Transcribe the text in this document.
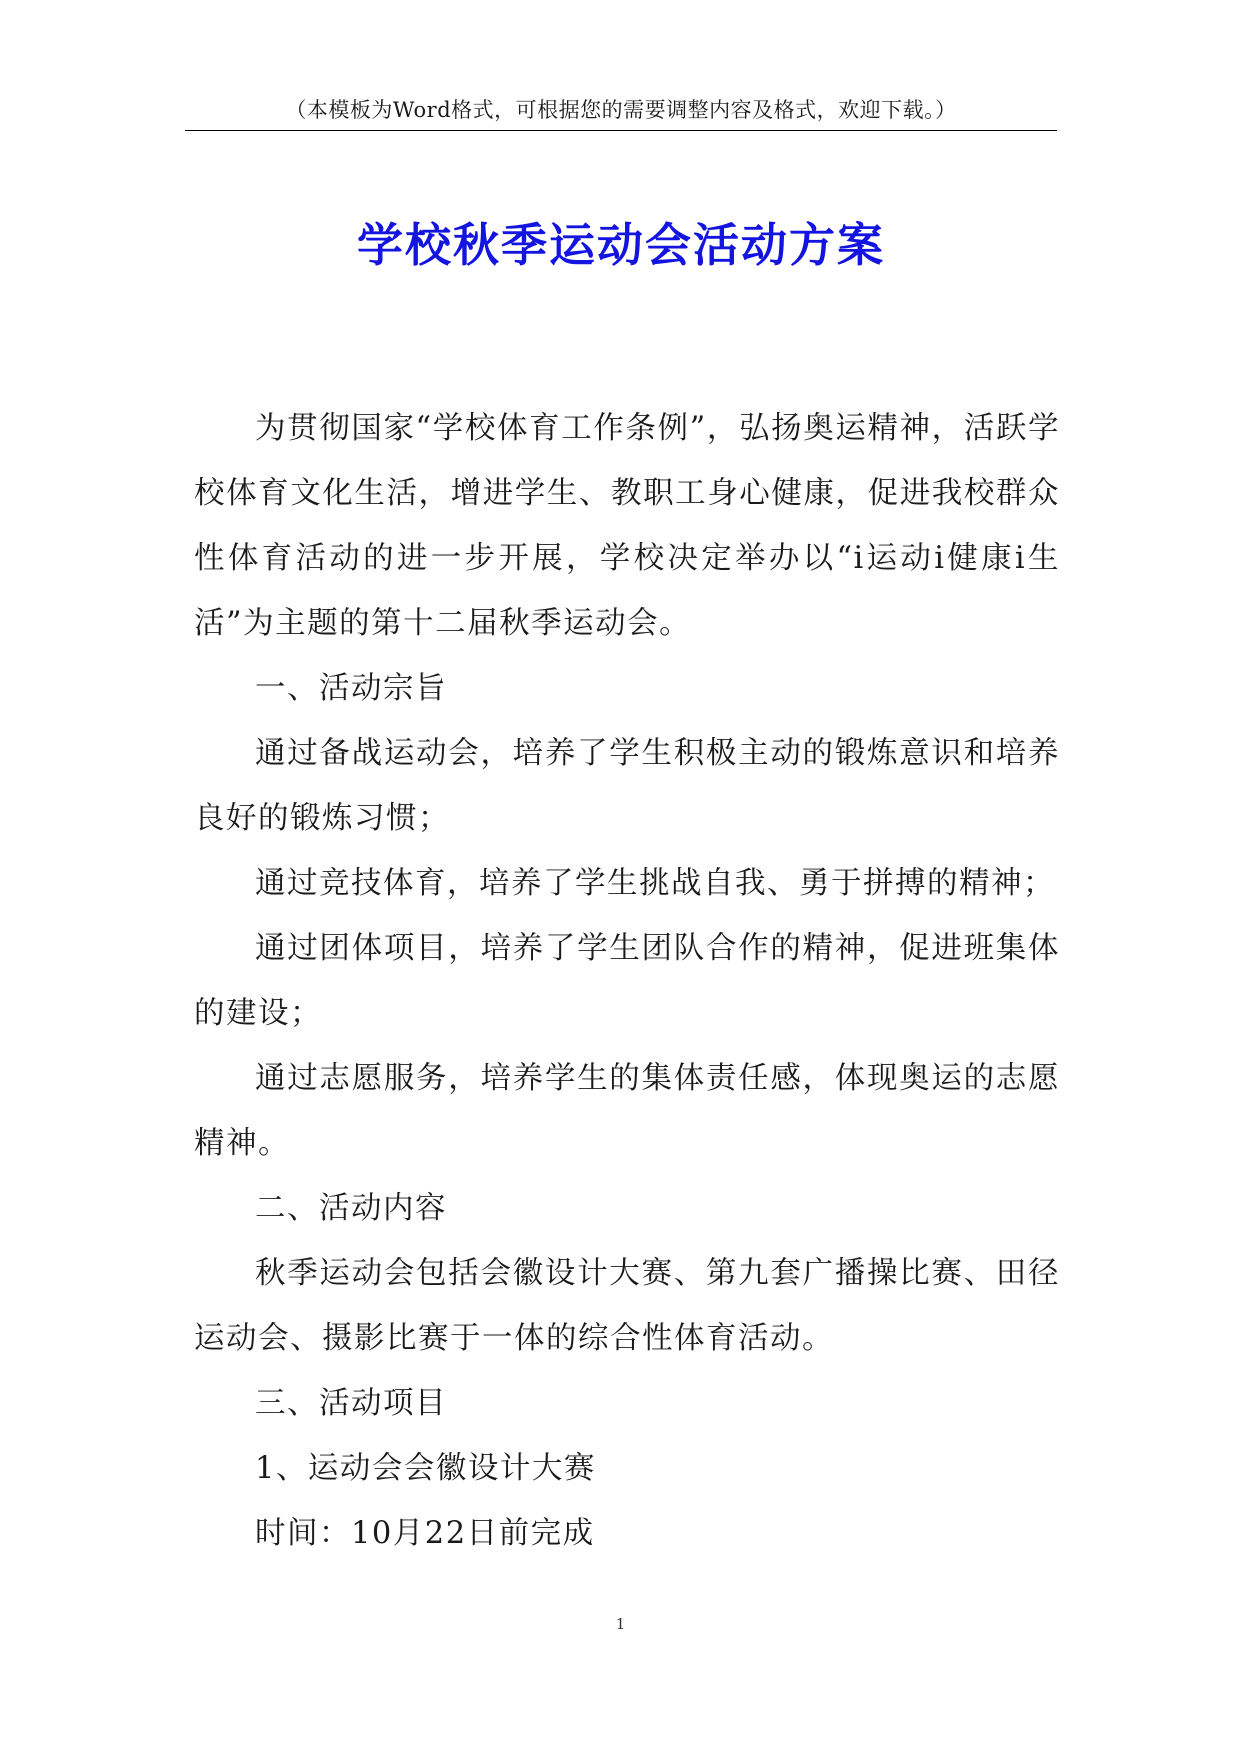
（本模板为Word格式，可根据您的需要调整内容及格式，欢迎下载。）
学校秋季运动会活动方案

为贯彻国家“学校体育工作条例”，弘扬奥运精神，活跃学校体育文化生活，增进学生、教职工身心健康，促进我校群众性体育活动的进一步开展，学校决定举办以“i运动i健康i生活”为主题的第十二届秋季运动会。

一、活动宗旨

通过备战运动会，培养了学生积极主动的锻炼意识和培养良好的锻炼习惯；

通过竞技体育，培养了学生挑战自我、勇于拼搏的精神；

通过团体项目，培养了学生团队合作的精神，促进班集体的建设；

通过志愿服务，培养学生的集体责任感，体现奥运的志愿精神。

二、活动内容

秋季运动会包括会徽设计大赛、第九套广播操比赛、田径运动会、摄影比赛于一体的综合性体育活动。

三、活动项目

1、运动会会徽设计大赛

时间：10月22日前完成

1
